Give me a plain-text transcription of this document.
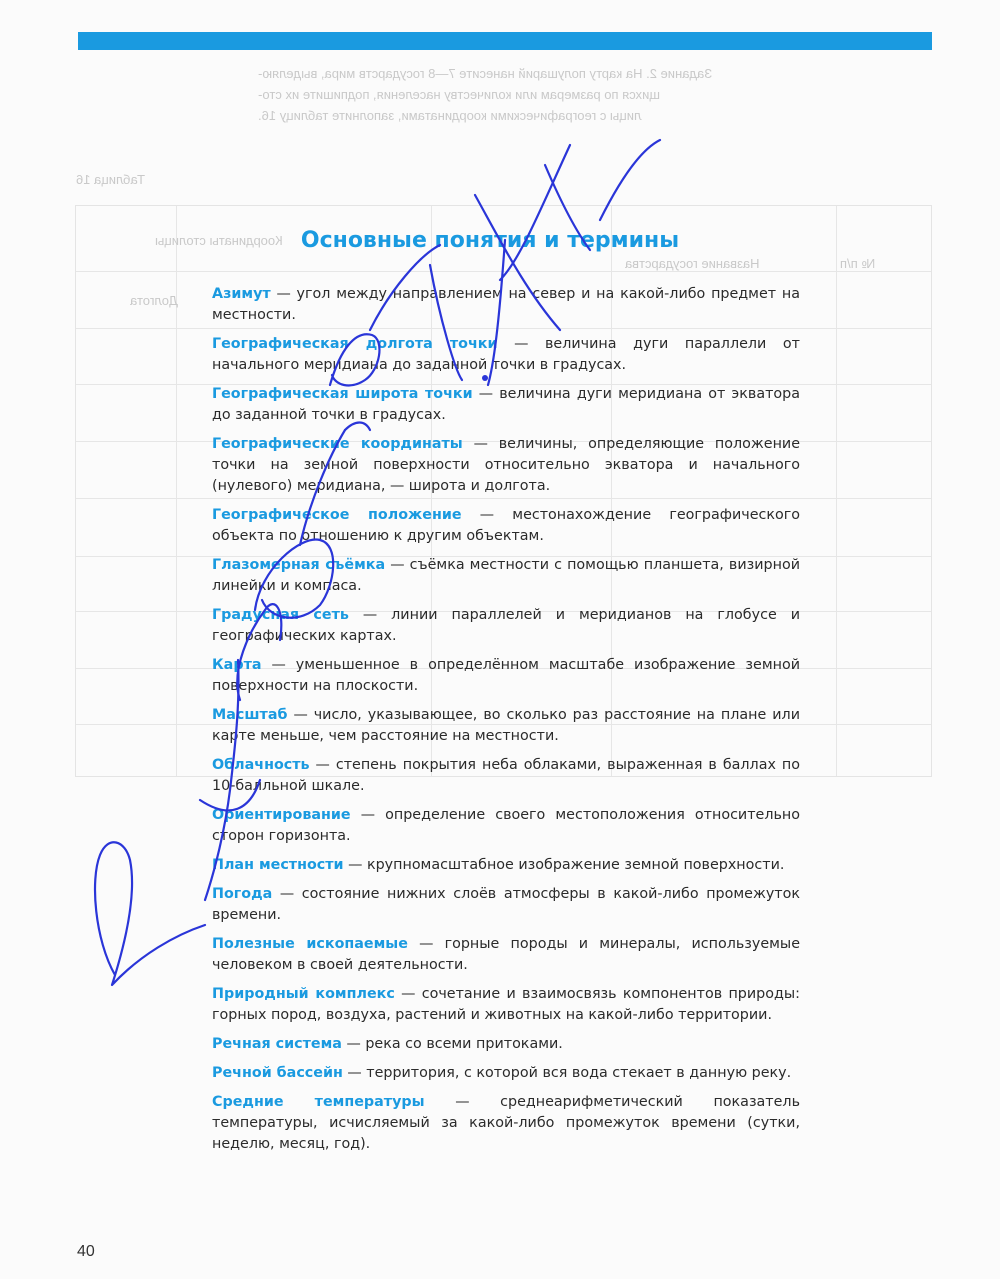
Задание 2. На карту полушарий нанесите 7—8 государств мира, выделяю-
щихся по размерам или количеству населения, подпишите их сто-
лицы с географическими координатами, заполните таблицу 16.
Таблица 16
№ п/п
Название государства
Координаты столицы
Долгота
Основные понятия и термины

Азимут — угол между направлением на север и на какой-либо предмет на местности.

Географическая долгота точки — величина дуги параллели от начального меридиана до заданной точки в градусах.

Географическая широта точки — величина дуги меридиана от экватора до заданной точки в градусах.

Географические координаты — величины, определяющие положение точки на земной поверхности относительно экватора и начального (нулевого) меридиана, — широта и долгота.

Географическое положение — местонахождение географического объекта по отношению к другим объектам.

Глазомерная съёмка — съёмка местности с помощью планшета, визирной линейки и компаса.

Градусная сеть — линии параллелей и меридианов на глобусе и географических картах.

Карта — уменьшенное в определённом масштабе изображение земной поверхности на плоскости.

Масштаб — число, указывающее, во сколько раз расстояние на плане или карте меньше, чем расстояние на местности.

Облачность — степень покрытия неба облаками, выраженная в баллах по 10-балльной шкале.

Ориентирование — определение своего местоположения относительно сторон горизонта.

План местности — крупномасштабное изображение земной поверхности.

Погода — состояние нижних слоёв атмосферы в какой-либо промежуток времени.

Полезные ископаемые — горные породы и минералы, используемые человеком в своей деятельности.

Природный комплекс — сочетание и взаимосвязь компонентов природы: горных пород, воздуха, растений и животных на какой-либо территории.

Речная система — река со всеми притоками.

Речной бассейн — территория, с которой вся вода стекает в данную реку.

Средние температуры — среднеарифметический показатель температуры, исчисляемый за какой-либо промежуток времени (сутки, неделю, месяц, год).

40
